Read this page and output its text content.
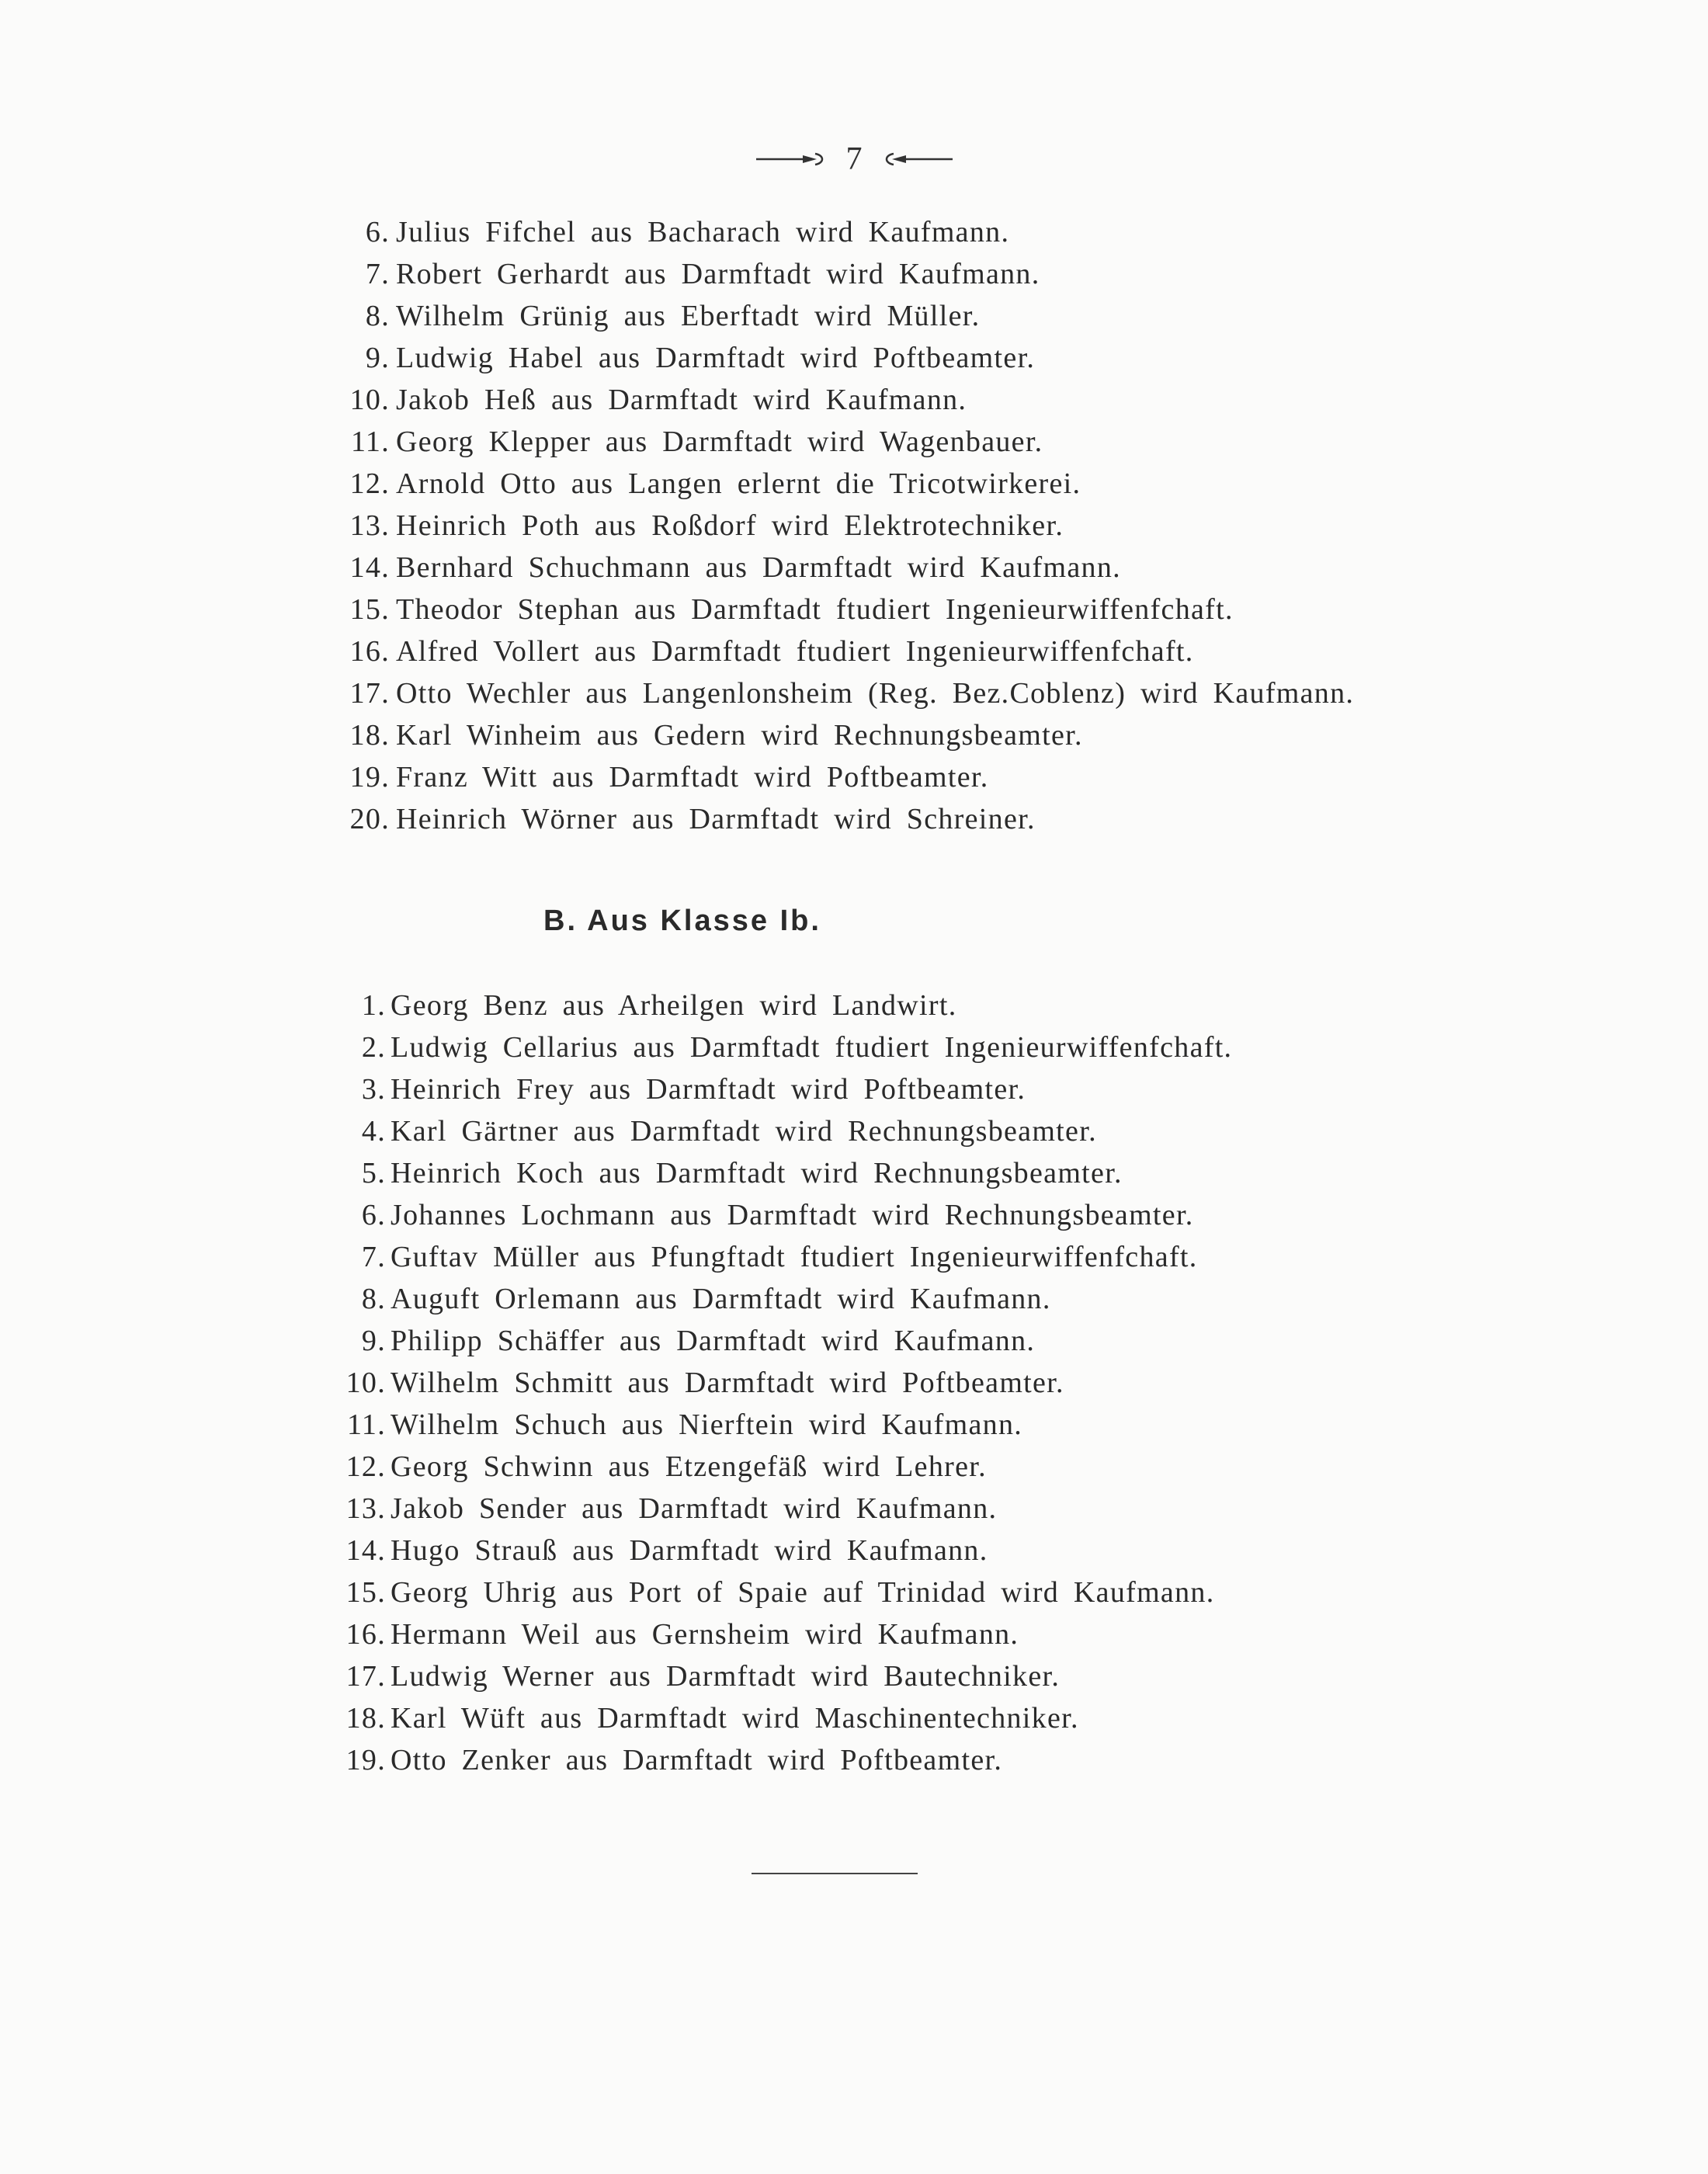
7
6. Julius Fifchel aus Bacharach wird Kaufmann.
7. Robert Gerhardt aus Darmftadt wird Kaufmann.
8. Wilhelm Grünig aus Eberftadt wird Müller.
9. Ludwig Habel aus Darmftadt wird Poftbeamter.
10. Jakob Heß aus Darmftadt wird Kaufmann.
11. Georg Klepper aus Darmftadt wird Wagenbauer.
12. Arnold Otto aus Langen erlernt die Tricotwirkerei.
13. Heinrich Poth aus Roßdorf wird Elektrotechniker.
14. Bernhard Schuchmann aus Darmftadt wird Kaufmann.
15. Theodor Stephan aus Darmftadt ftudiert Ingenieurwiffenfchaft.
16. Alfred Vollert aus Darmftadt ftudiert Ingenieurwiffenfchaft.
17. Otto Wechler aus Langenlonsheim (Reg. Bez.Coblenz) wird Kaufmann.
18. Karl Winheim aus Gedern wird Rechnungsbeamter.
19. Franz Witt aus Darmftadt wird Poftbeamter.
20. Heinrich Wörner aus Darmftadt wird Schreiner.
B. Aus Klasse Ib.
1. Georg Benz aus Arheilgen wird Landwirt.
2. Ludwig Cellarius aus Darmftadt ftudiert Ingenieurwiffenfchaft.
3. Heinrich Frey aus Darmftadt wird Poftbeamter.
4. Karl Gärtner aus Darmftadt wird Rechnungsbeamter.
5. Heinrich Koch aus Darmftadt wird Rechnungsbeamter.
6. Johannes Lochmann aus Darmftadt wird Rechnungsbeamter.
7. Guftav Müller aus Pfungftadt ftudiert Ingenieurwiffenfchaft.
8. Auguft Orlemann aus Darmftadt wird Kaufmann.
9. Philipp Schäffer aus Darmftadt wird Kaufmann.
10. Wilhelm Schmitt aus Darmftadt wird Poftbeamter.
11. Wilhelm Schuch aus Nierftein wird Kaufmann.
12. Georg Schwinn aus Etzengefäß wird Lehrer.
13. Jakob Sender aus Darmftadt wird Kaufmann.
14. Hugo Strauß aus Darmftadt wird Kaufmann.
15. Georg Uhrig aus Port of Spaie auf Trinidad wird Kaufmann.
16. Hermann Weil aus Gernsheim wird Kaufmann.
17. Ludwig Werner aus Darmftadt wird Bautechniker.
18. Karl Wüft aus Darmftadt wird Maschinentechniker.
19. Otto Zenker aus Darmftadt wird Poftbeamter.
